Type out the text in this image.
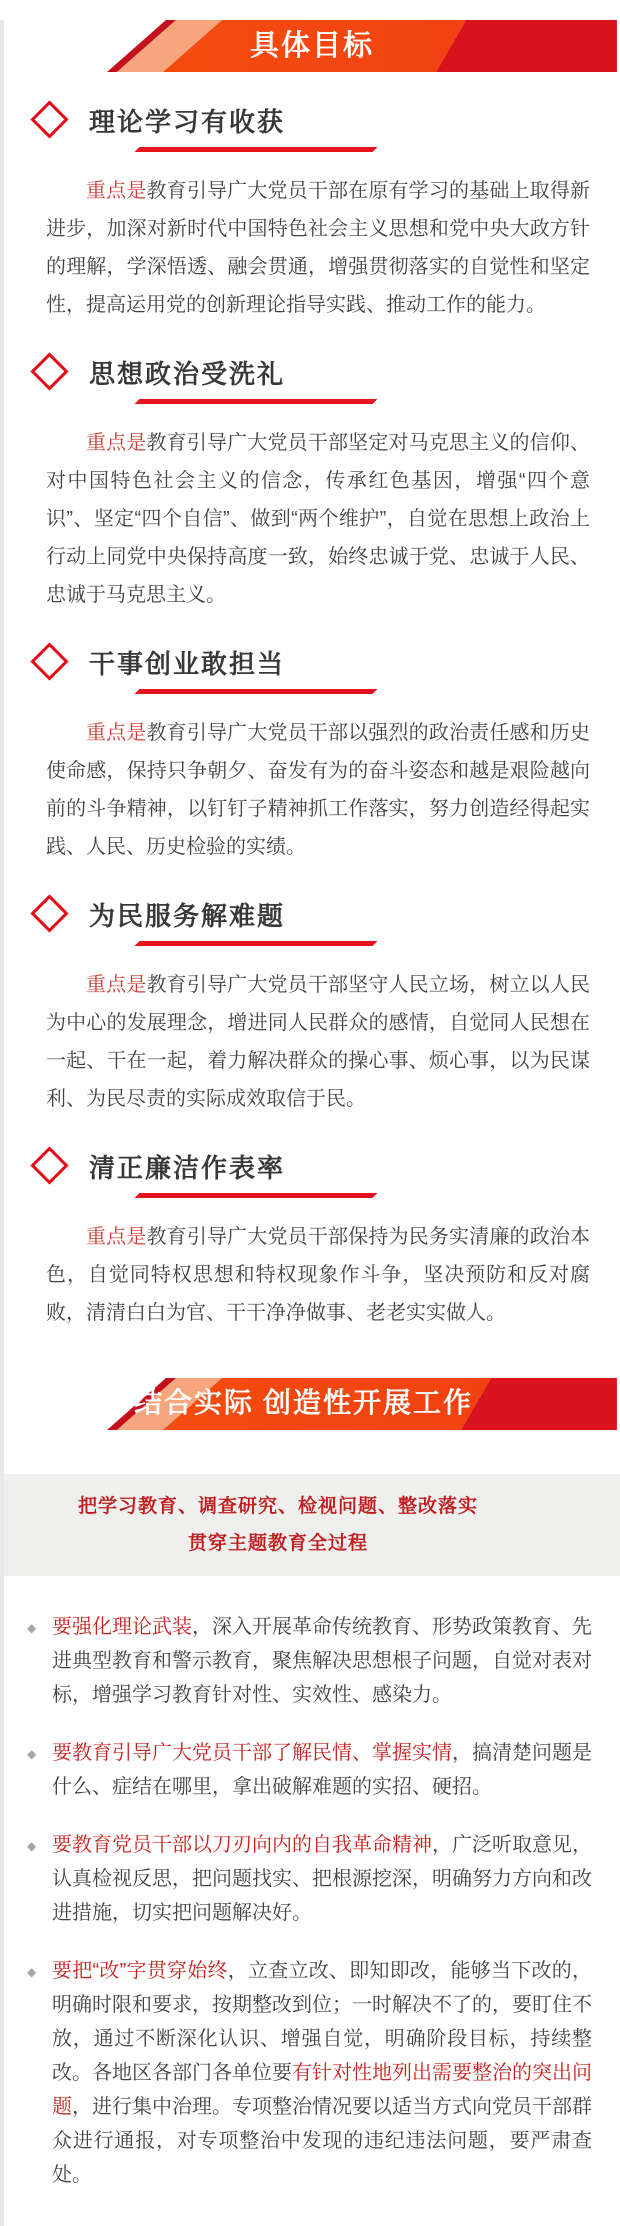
具体目标
理论学习有收获

重点是教育引导广大党员干部在原有学习的基础上取得新进步，加深对新时代中国特色社会主义思想和党中央大政方针的理解，学深悟透、融会贯通，增强贯彻落实的自觉性和坚定性，提高运用党的创新理论指导实践、推动工作的能力。

思想政治受洗礼

重点是教育引导广大党员干部坚定对马克思主义的信仰、对中国特色社会主义的信念，传承红色基因，增强“四个意识”、坚定“四个自信”、做到“两个维护”，自觉在思想上政治上行动上同党中央保持高度一致，始终忠诚于党、忠诚于人民、忠诚于马克思主义。

干事创业敢担当

重点是教育引导广大党员干部以强烈的政治责任感和历史使命感，保持只争朝夕、奋发有为的奋斗姿态和越是艰险越向前的斗争精神，以钉钉子精神抓工作落实，努力创造经得起实践、人民、历史检验的实绩。

为民服务解难题

重点是教育引导广大党员干部坚守人民立场，树立以人民为中心的发展理念，增进同人民群众的感情，自觉同人民想在一起、干在一起，着力解决群众的操心事、烦心事，以为民谋利、为民尽责的实际成效取信于民。

清正廉洁作表率

重点是教育引导广大党员干部保持为民务实清廉的政治本色，自觉同特权思想和特权现象作斗争，坚决预防和反对腐败，清清白白为官、干干净净做事、老老实实做人。

结合实际 创造性开展工作
把学习教育、调查研究、检视问题、整改落实
贯穿主题教育全过程
◆ 要强化理论武装，深入开展革命传统教育、形势政策教育、先进典型教育和警示教育，聚焦解决思想根子问题，自觉对表对标，增强学习教育针对性、实效性、感染力。
◆ 要教育引导广大党员干部了解民情、掌握实情，搞清楚问题是什么、症结在哪里，拿出破解难题的实招、硬招。
◆ 要教育党员干部以刀刃向内的自我革命精神，广泛听取意见，认真检视反思，把问题找实、把根源挖深，明确努力方向和改进措施，切实把问题解决好。
◆ 要把“改”字贯穿始终，立查立改、即知即改，能够当下改的，明确时限和要求，按期整改到位；一时解决不了的，要盯住不放，通过不断深化认识、增强自觉，明确阶段目标，持续整改。各地区各部门各单位要有针对性地列出需要整治的突出问题，进行集中治理。专项整治情况要以适当方式向党员干部群众进行通报，对专项整治中发现的违纪违法问题，要严肃查处。
